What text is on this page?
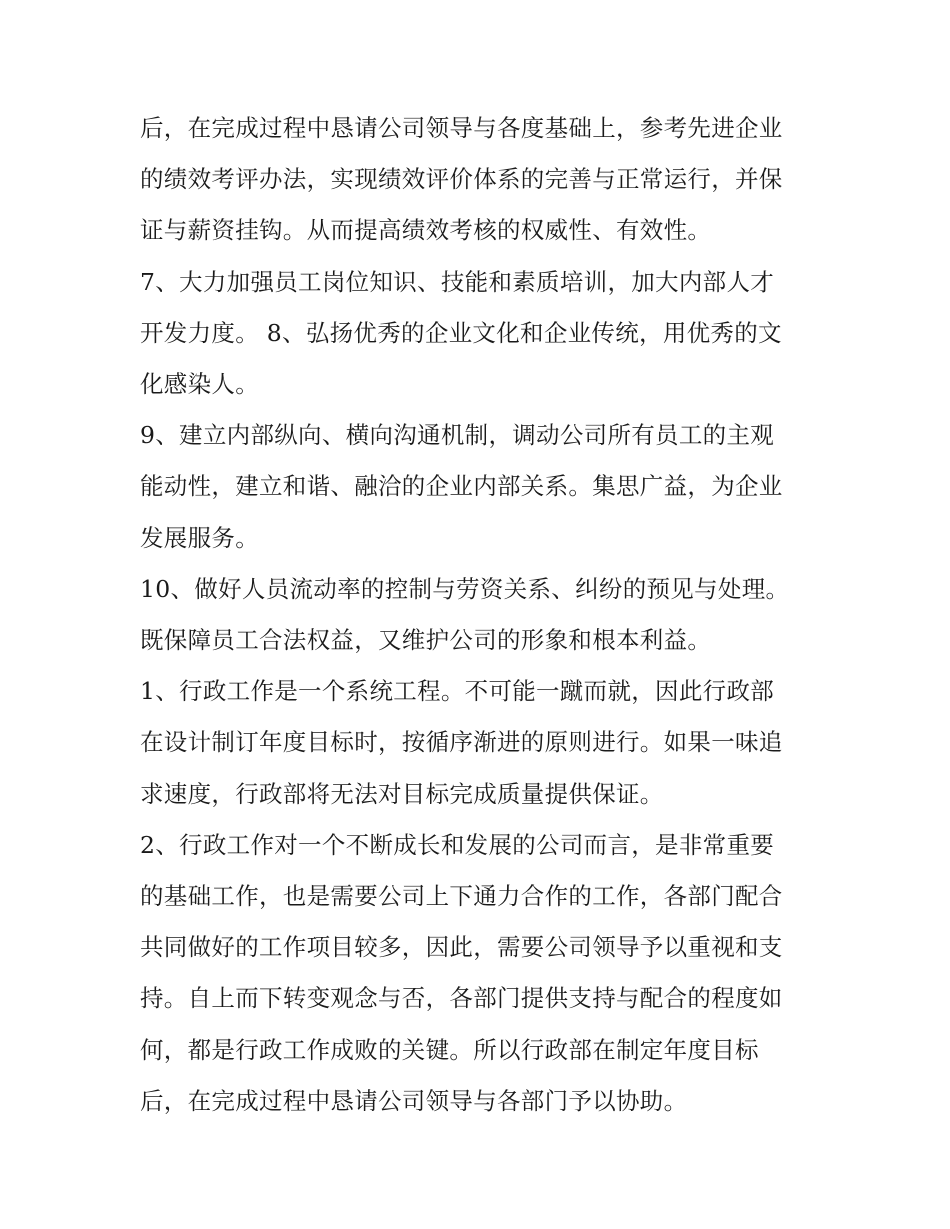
后，在完成过程中恳请公司领导与各度基础上，参考先进企业
的绩效考评办法，实现绩效评价体系的完善与正常运行，并保
证与薪资挂钩。从而提高绩效考核的权威性、有效性。
7、大力加强员工岗位知识、技能和素质培训，加大内部人才
开发力度。 8、弘扬优秀的企业文化和企业传统，用优秀的文
化感染人。
9、建立内部纵向、横向沟通机制，调动公司所有员工的主观
能动性，建立和谐、融洽的企业内部关系。集思广益，为企业
发展服务。
10、做好人员流动率的控制与劳资关系、纠纷的预见与处理。
既保障员工合法权益，又维护公司的形象和根本利益。
1、行政工作是一个系统工程。不可能一蹴而就，因此行政部
在设计制订年度目标时，按循序渐进的原则进行。如果一味追
求速度，行政部将无法对目标完成质量提供保证。
2、行政工作对一个不断成长和发展的公司而言，是非常重要
的基础工作，也是需要公司上下通力合作的工作，各部门配合
共同做好的工作项目较多，因此，需要公司领导予以重视和支
持。自上而下转变观念与否，各部门提供支持与配合的程度如
何，都是行政工作成败的关键。所以行政部在制定年度目标
后，在完成过程中恳请公司领导与各部门予以协助。
